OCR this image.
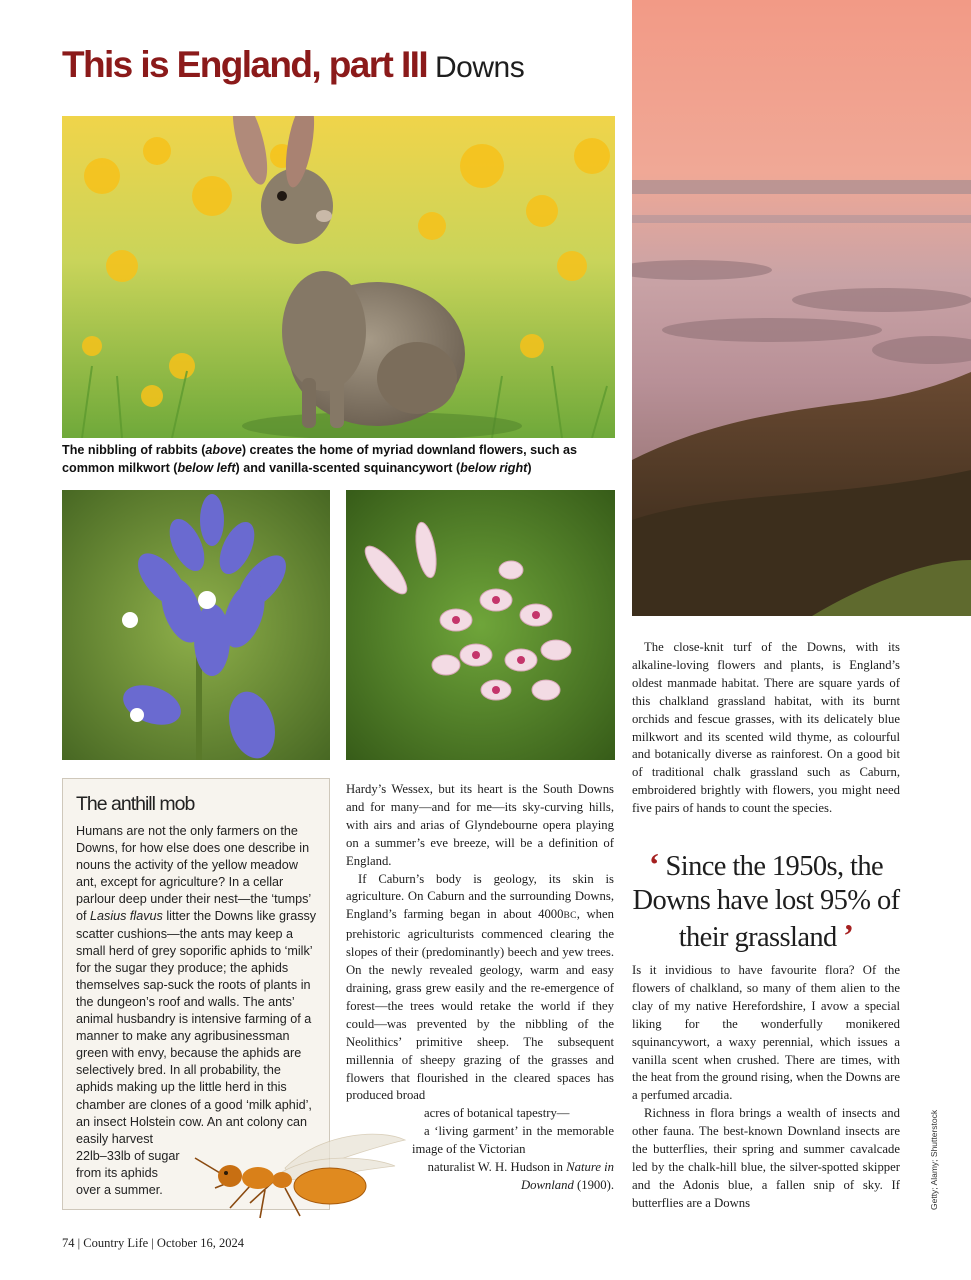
This is England, part III Downs
The nibbling of rabbits (above) creates the home of myriad downland flowers, such as common milkwort (below left) and vanilla-scented squinancywort (below right)
The anthill mob

Humans are not the only farmers on the Downs, for how else does one describe in nouns the activity of the yellow meadow ant, except for agriculture? In a cellar parlour deep under their nest—the ‘tumps’ of Lasius flavus litter the Downs like grassy scatter cushions—the ants may keep a small herd of grey soporific aphids to ‘milk’ for the sugar they produce; the aphids themselves sap-suck the roots of plants in the dungeon’s roof and walls. The ants’ animal husbandry is intensive farming of a manner to make any agribusinessman green with envy, because the aphids are selectively bred. In all probability, the aphids making up the little herd in this chamber are clones of a good ‘milk aphid’, an insect Holstein cow. An ant colony can easily harvest
22lb–33lb of sugar
from its aphids
over a summer.

Hardy’s Wessex, but its heart is the South Downs and for many—and for me—its sky-curving hills, with airs and arias of Glyndebourne opera playing on a summer’s eve breeze, will be a definition of England.

If Caburn’s body is geology, its skin is agriculture. On Caburn and the surrounding Downs, England’s farming began in about 4000BC, when prehistoric agriculturists commenced clearing the slopes of their (predominantly) beech and yew trees. On the newly revealed geology, warm and easy draining, grass grew easily and the re-emergence of forest—the trees would retake the world if they could—was prevented by the nibbling of the Neolithics’ primitive sheep. The subsequent millennia of sheepy grazing of the grasses and flowers that flourished in the cleared spaces has produced broad
acres of botanical tapestry—
a ‘living garment’ in the memorable image of the Victorian
naturalist W. H. Hudson in Nature in Downland (1900).

The close-knit turf of the Downs, with its alkaline-loving flowers and plants, is England’s oldest manmade habitat. There are square yards of this chalkland grassland habitat, with its burnt orchids and fescue grasses, with its delicately blue milkwort and its scented wild thyme, as colourful and botanically diverse as rainforest. On a good bit of traditional chalk grassland such as Caburn, embroidered brightly with flowers, you might need five pairs of hands to count the species.

‘ Since the 1950s, the Downs have lost 95% of their grassland ’

Is it invidious to have favourite flora? Of the flowers of chalkland, so many of them alien to the clay of my native Herefordshire, I avow a special liking for the wonderfully monikered squinancywort, a waxy perennial, which issues a vanilla scent when crushed. There are times, with the heat from the ground rising, when the Downs are a perfumed arcadia.

Richness in flora brings a wealth of insects and other fauna. The best-known Downland insects are the butterflies, their spring and summer cavalcade led by the chalk-hill blue, the silver-spotted skipper and the Adonis blue, a fallen snip of sky. If butterflies are a Downs	Getty; Alamy; Shutterstock
74 | Country Life | October 16, 2024
